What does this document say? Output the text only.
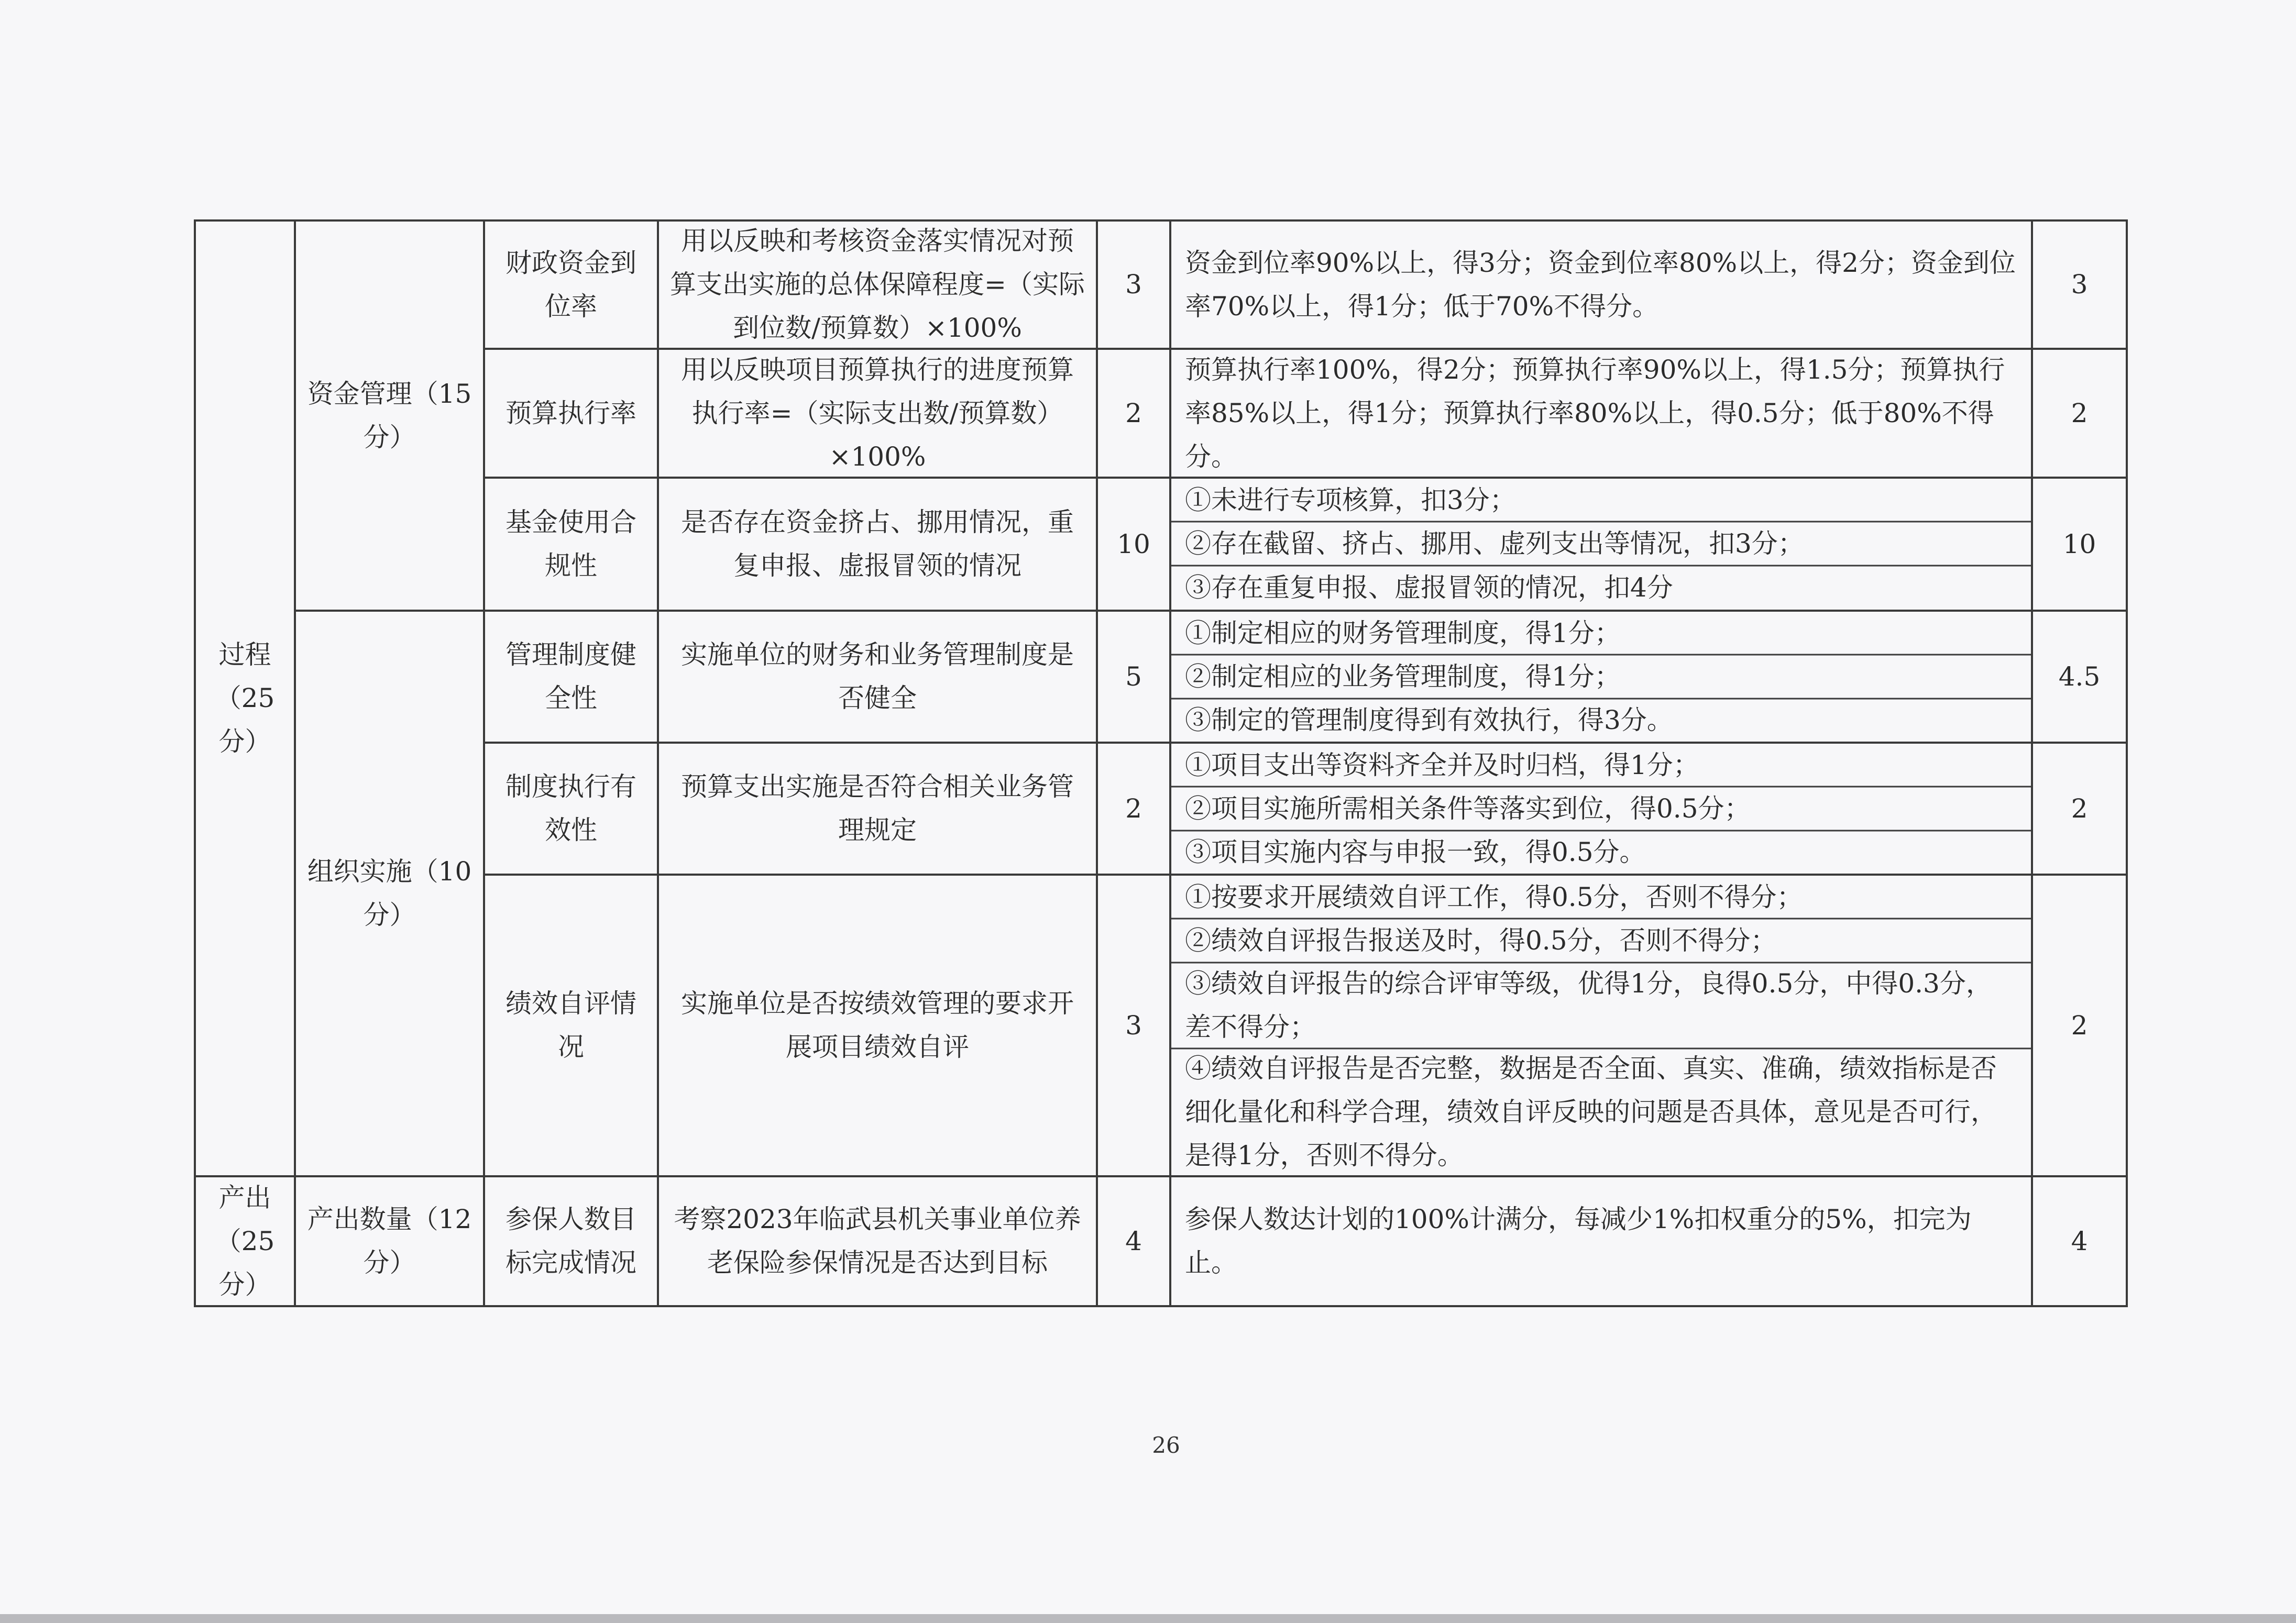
过程（25分）
产出（25分）
资金管理（15分）
组织实施（10分）
产出数量（12分）
财政资金到位率
用以反映和考核资金落实情况对预算支出实施的总体保障程度=（实际到位数/预算数）×100%
3
资金到位率90%以上，得3分；资金到位率80%以上，得2分；资金到位率70%以上，得1分；低于70%不得分。
3
预算执行率
用以反映项目预算执行的进度预算执行率=（实际支出数/预算数）×100%
2
预算执行率100%，得2分；预算执行率90%以上，得1.5分；预算执行率85%以上，得1分；预算执行率80%以上，得0.5分；低于80%不得分。
2
基金使用合规性
是否存在资金挤占、挪用情况，重复申报、虚报冒领的情况
10
①未进行专项核算，扣3分；
②存在截留、挤占、挪用、虚列支出等情况，扣3分；
③存在重复申报、虚报冒领的情况，扣4分
10
管理制度健全性
实施单位的财务和业务管理制度是否健全
5
①制定相应的财务管理制度，得1分；
②制定相应的业务管理制度，得1分；
③制定的管理制度得到有效执行，得3分。
4.5
制度执行有效性
预算支出实施是否符合相关业务管理规定
2
①项目支出等资料齐全并及时归档，得1分；
②项目实施所需相关条件等落实到位，得0.5分；
③项目实施内容与申报一致，得0.5分。
2
绩效自评情况
实施单位是否按绩效管理的要求开展项目绩效自评
3
①按要求开展绩效自评工作，得0.5分，否则不得分；
②绩效自评报告报送及时，得0.5分，否则不得分；
③绩效自评报告的综合评审等级，优得1分，良得0.5分，中得0.3分，差不得分；
④绩效自评报告是否完整，数据是否全面、真实、准确，绩效指标是否细化量化和科学合理，绩效自评反映的问题是否具体，意见是否可行，是得1分，否则不得分。
2
参保人数目标完成情况
考察2023年临武县机关事业单位养老保险参保情况是否达到目标
4
参保人数达计划的100%计满分，每减少1%扣权重分的5%，扣完为止。
4
26
